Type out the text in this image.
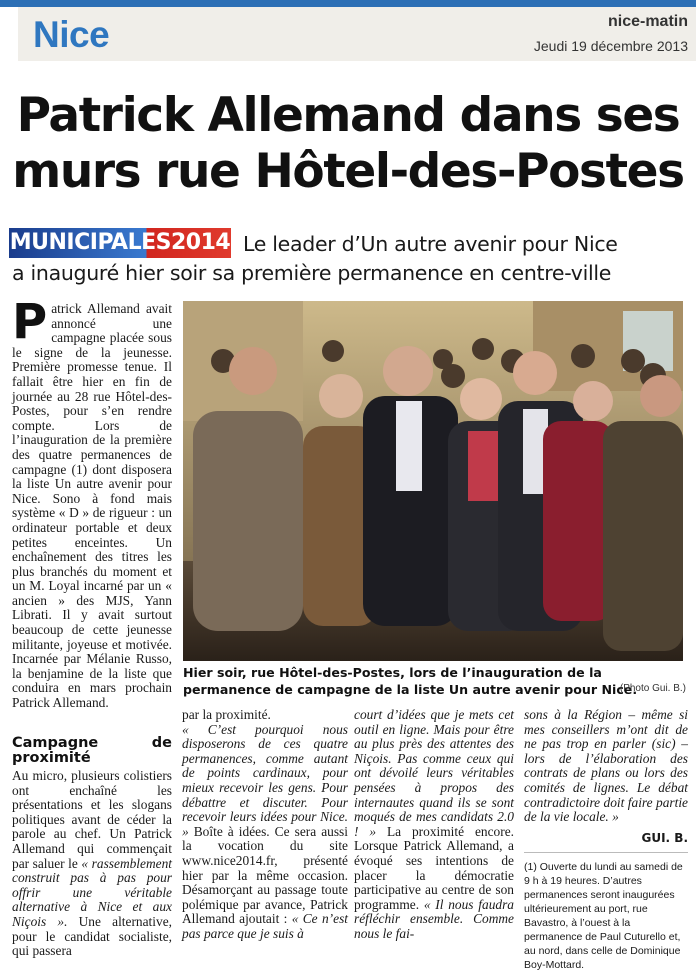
Nice	nice-matin
Jeudi 19 décembre 2013
Patrick Allemand dans ses
murs rue Hôtel-des-Postes
MUNICIPALES2014 Le leader d’Un autre avenir pour Nice
a inauguré hier soir sa première permanence en centre-ville
P atrick Allemand avait annoncé une campagne placée sous le signe de la jeunesse. Première promesse tenue. Il fallait être hier en fin de journée au 28 rue Hôtel-des-Postes, pour s’en rendre compte. Lors de l’inauguration de la première des quatre permanences de campagne (1) dont disposera la liste Un autre avenir pour Nice. Sono à fond mais système « D » de rigueur : un ordinateur portable et deux petites enceintes. Un enchaînement des titres les plus branchés du moment et un M. Loyal incarné par un « ancien » des MJS, Yann Librati. Il y avait surtout beaucoup de cette jeunesse militante, joyeuse et motivée. Incarnée par Mélanie Russo, la benjamine de la liste que conduira en mars prochain Patrick Allemand.
Hier soir, rue Hôtel-des-Postes, lors de l’inauguration de la permanence de campagne de la liste Un autre avenir pour Nice.
(Photo Gui. B.)
Campagne de proximité
Au micro, plusieurs colistiers ont enchaîné les présentations et les slogans politiques avant de céder la parole au chef. Un Patrick Allemand qui commençait par saluer le « rassemblement construit pas à pas pour offrir une véritable alternative à Nice et aux Niçois ». Une alternative, pour le candidat socialiste, qui passera
par la proximité.
« C’est pourquoi nous disposerons de ces quatre permanences, comme autant de points cardinaux, pour mieux recevoir les gens. Pour débattre et discuter. Pour recevoir leurs idées pour Nice. » Boîte à idées. Ce sera aussi la vocation du site www.nice2014.fr, présenté hier par la même occasion. Désamorçant au passage toute polémique par avance, Patrick Allemand ajoutait : « Ce n’est pas parce que je suis à
court d’idées que je mets cet outil en ligne. Mais pour être au plus près des attentes des Niçois. Pas comme ceux qui ont dévoilé leurs véritables pensées à propos des internautes quand ils se sont moqués de mes candidats 2.0 ! » La proximité encore. Lorsque Patrick Allemand, a évoqué ses intentions de placer la démocratie participative au centre de son programme. « Il nous faudra réfléchir ensemble. Comme nous le fai-
sons à la Région – même si mes conseillers m’ont dit de ne pas trop en parler (sic) – lors de l’élaboration des contrats de plans ou lors des comités de lignes. Le débat contradictoire doit faire partie de la vie locale. »
GUI. B.
(1) Ouverte du lundi au samedi de 9 h à 19 heures. D’autres permanences seront inaugurées ultérieurement au port, rue Bavastro, à l’ouest à la permanence de Paul Cuturello et, au nord, dans celle de Dominique Boy-Mottard.
